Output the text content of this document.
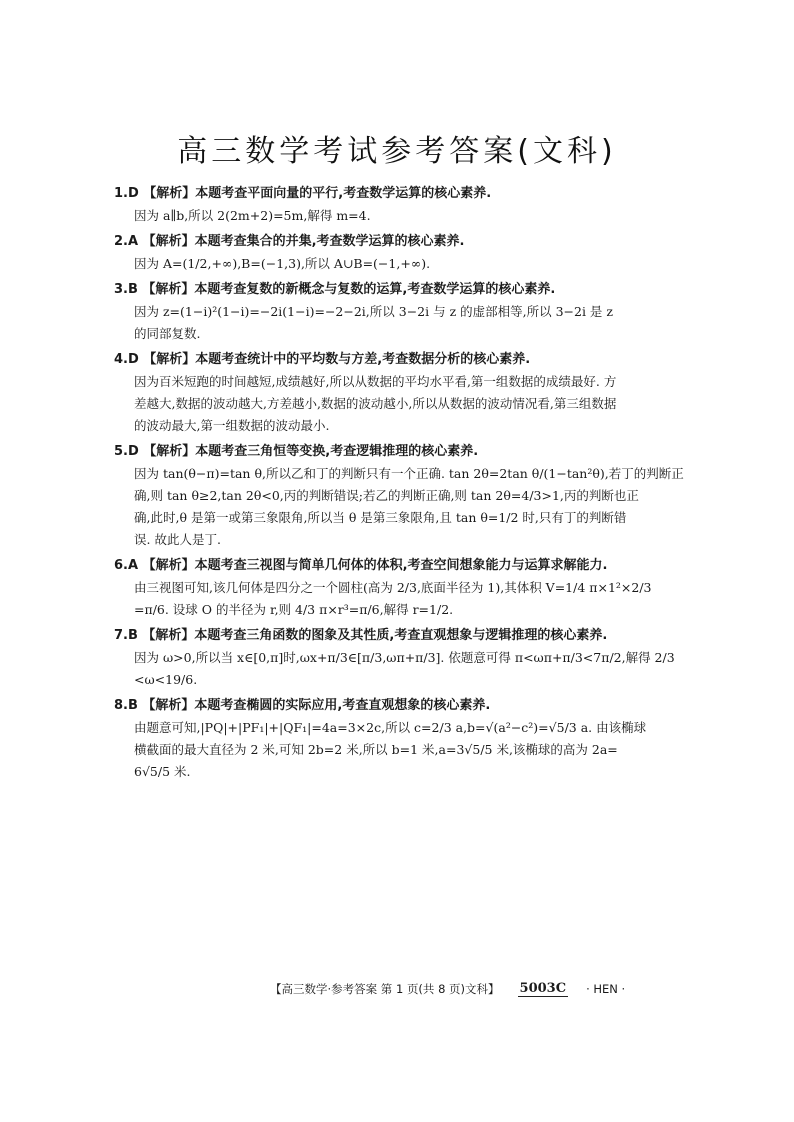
高三数学考试参考答案(文科)
1.D 【解析】本题考查平面向量的平行,考查数学运算的核心素养.
因为 a∥b,所以 2(2m+2)=5m,解得 m=4.
2.A 【解析】本题考查集合的并集,考查数学运算的核心素养.
因为 A=(1/2,+∞),B=(−1,3),所以 A∪B=(−1,+∞).
3.B 【解析】本题考查复数的新概念与复数的运算,考查数学运算的核心素养.
因为 z=(1−i)²(1−i)=−2i(1−i)=−2−2i,所以 3−2i 与 z 的虚部相等,所以 3−2i 是 z
的同部复数.
4.D 【解析】本题考查统计中的平均数与方差,考查数据分析的核心素养.
因为百米短跑的时间越短,成绩越好,所以从数据的平均水平看,第一组数据的成绩最好. 方
差越大,数据的波动越大,方差越小,数据的波动越小,所以从数据的波动情况看,第三组数据
的波动最大,第一组数据的波动最小.
5.D 【解析】本题考查三角恒等变换,考查逻辑推理的核心素养.
因为 tan(θ−π)=tan θ,所以乙和丁的判断只有一个正确. tan 2θ=2tan θ/(1−tan²θ),若丁的判断正
确,则 tan θ≥2,tan 2θ<0,丙的判断错误;若乙的判断正确,则 tan 2θ=4/3>1,丙的判断也正
确,此时,θ 是第一或第三象限角,所以当 θ 是第三象限角,且 tan θ=1/2 时,只有丁的判断错
误. 故此人是丁.
6.A 【解析】本题考查三视图与简单几何体的体积,考查空间想象能力与运算求解能力.
由三视图可知,该几何体是四分之一个圆柱(高为 2/3,底面半径为 1),其体积 V=1/4 π×1²×2/3
=π/6. 设球 O 的半径为 r,则 4/3 π×r³=π/6,解得 r=1/2.
7.B 【解析】本题考查三角函数的图象及其性质,考查直观想象与逻辑推理的核心素养.
因为 ω>0,所以当 x∈[0,π]时,ωx+π/3∈[π/3,ωπ+π/3]. 依题意可得 π<ωπ+π/3<7π/2,解得 2/3
<ω<19/6.
8.B 【解析】本题考查椭圆的实际应用,考查直观想象的核心素养.
由题意可知,|PQ|+|PF₁|+|QF₁|=4a=3×2c,所以 c=2/3 a,b=√(a²−c²)=√5/3 a. 由该椭球
横截面的最大直径为 2 米,可知 2b=2 米,所以 b=1 米,a=3√5/5 米,该椭球的高为 2a=
6√5/5 米.
【高三数学·参考答案 第 1 页(共 8 页)文科】 5003C · HEN ·
